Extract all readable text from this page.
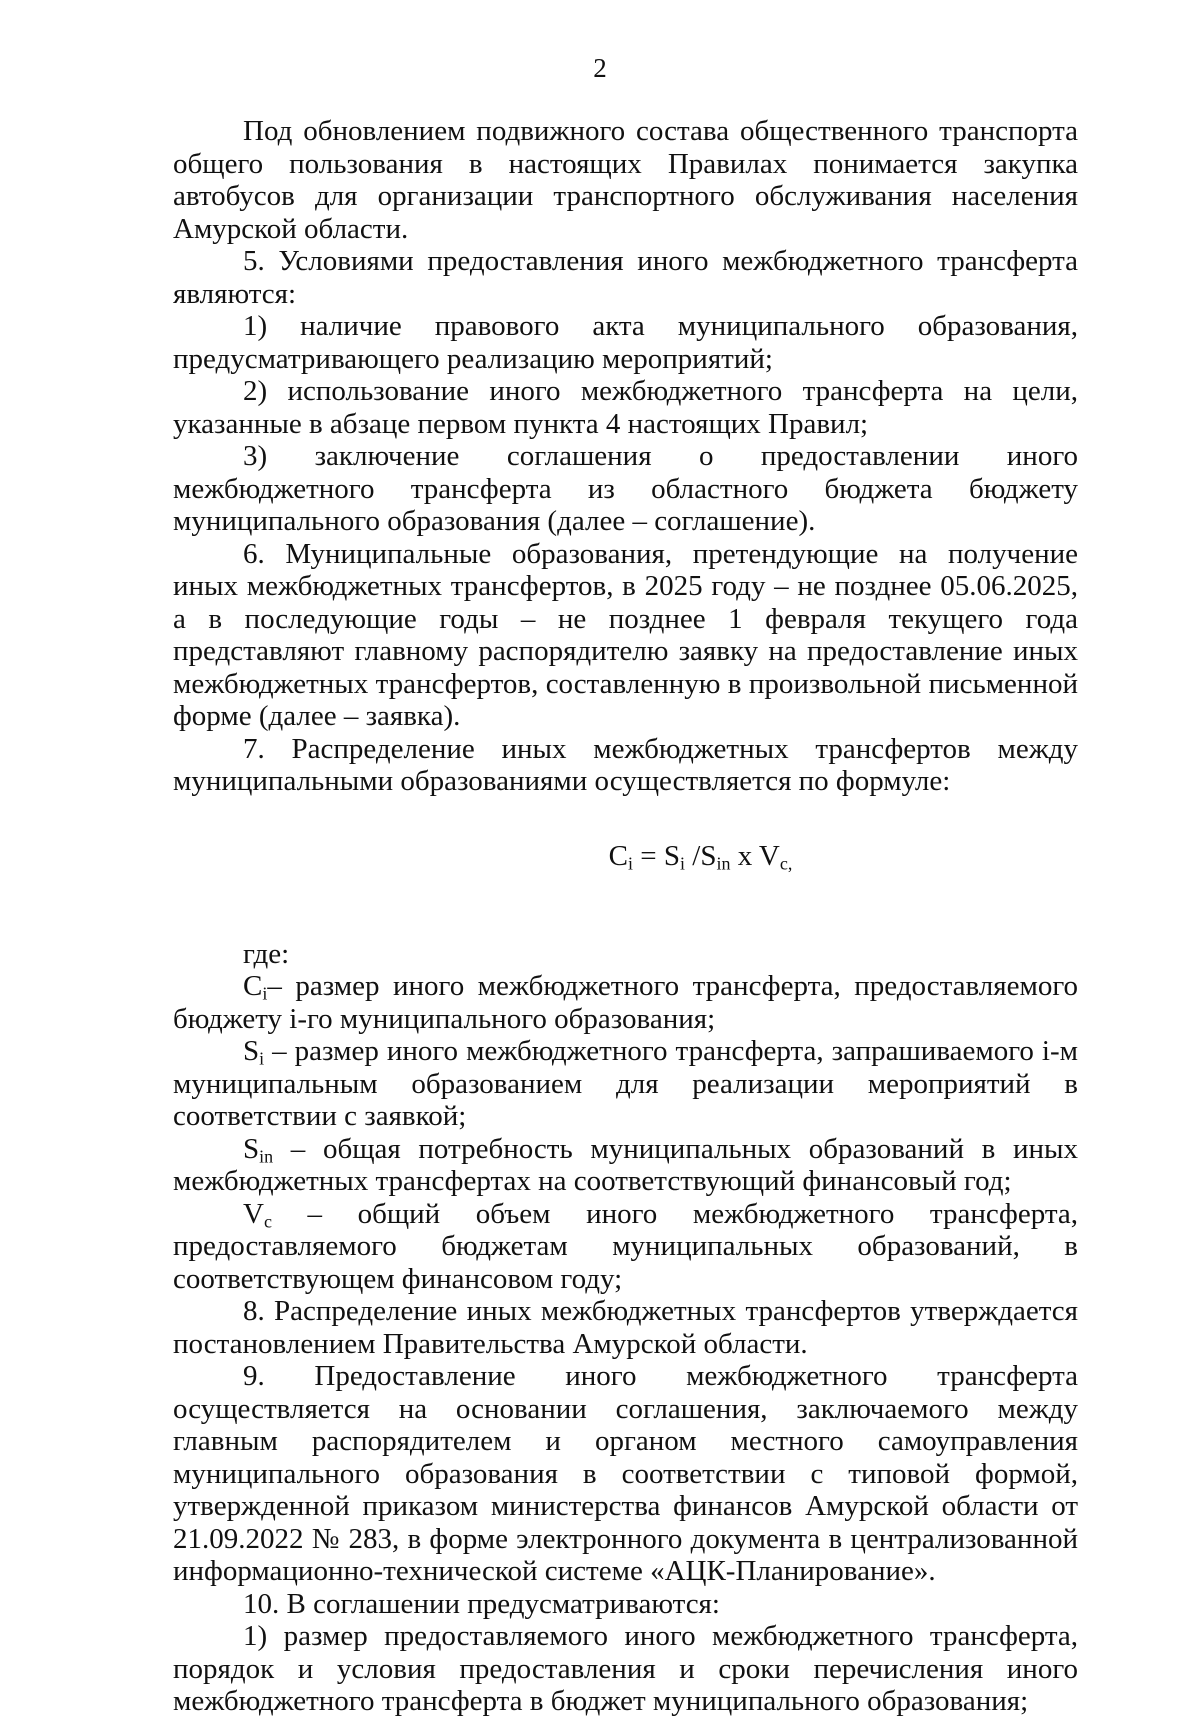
2

Под обновлением подвижного состава общественного транспорта общего пользования в настоящих Правилах понимается закупка автобусов для организации транспортного обслуживания населения Амурской области.

5. Условиями предоставления иного межбюджетного трансферта являются:

1) наличие правового акта муниципального образования, предусматривающего реализацию мероприятий;

2) использование иного межбюджетного трансферта на цели, указанные в абзаце первом пункта 4 настоящих Правил;

3) заключение соглашения о предоставлении иного межбюджетного трансферта из областного бюджета бюджету муниципального образования (далее – соглашение).

6. Муниципальные образования, претендующие на получение иных межбюджетных трансфертов, в 2025 году – не позднее 05.06.2025, а в последующие годы – не позднее 1 февраля текущего года представляют главному распорядителю заявку на предоставление иных межбюджетных трансфертов, составленную в произвольной письменной форме (далее – заявка).

7. Распределение иных межбюджетных трансфертов между муниципальными образованиями осуществляется по формуле:

$C_i = S_i$ $/S_{in}$ x $V_{c,}$

где:

$C_i-$ размер иного межбюджетного трансферта, предоставляемого бюджету i-го муниципального образования;

$S_i$ – размер иного межбюджетного трансферта, запрашиваемого i-м муниципальным образованием для реализации мероприятий в соответствии с заявкой;

$S_{in}$ – общая потребность муниципальных образований в иных межбюджетных трансфертах на соответствующий финансовый год;

$V_c$ – общий объем иного межбюджетного трансферта, предоставляемого бюджетам муниципальных образований, в соответствующем финансовом году;

8. Распределение иных межбюджетных трансфертов утверждается постановлением Правительства Амурской области.

9. Предоставление иного межбюджетного трансферта осуществляется на основании соглашения, заключаемого между главным распорядителем и органом местного самоуправления муниципального образования в соответствии с типовой формой, утвержденной приказом министерства финансов Амурской области от 21.09.2022 № 283, в форме электронного документа в централизованной информационно-технической системе «АЦК-Планирование».

10. В соглашении предусматриваются:

1) размер предоставляемого иного межбюджетного трансферта, порядок и условия предоставления и сроки перечисления иного межбюджетного трансферта в бюджет муниципального образования;
